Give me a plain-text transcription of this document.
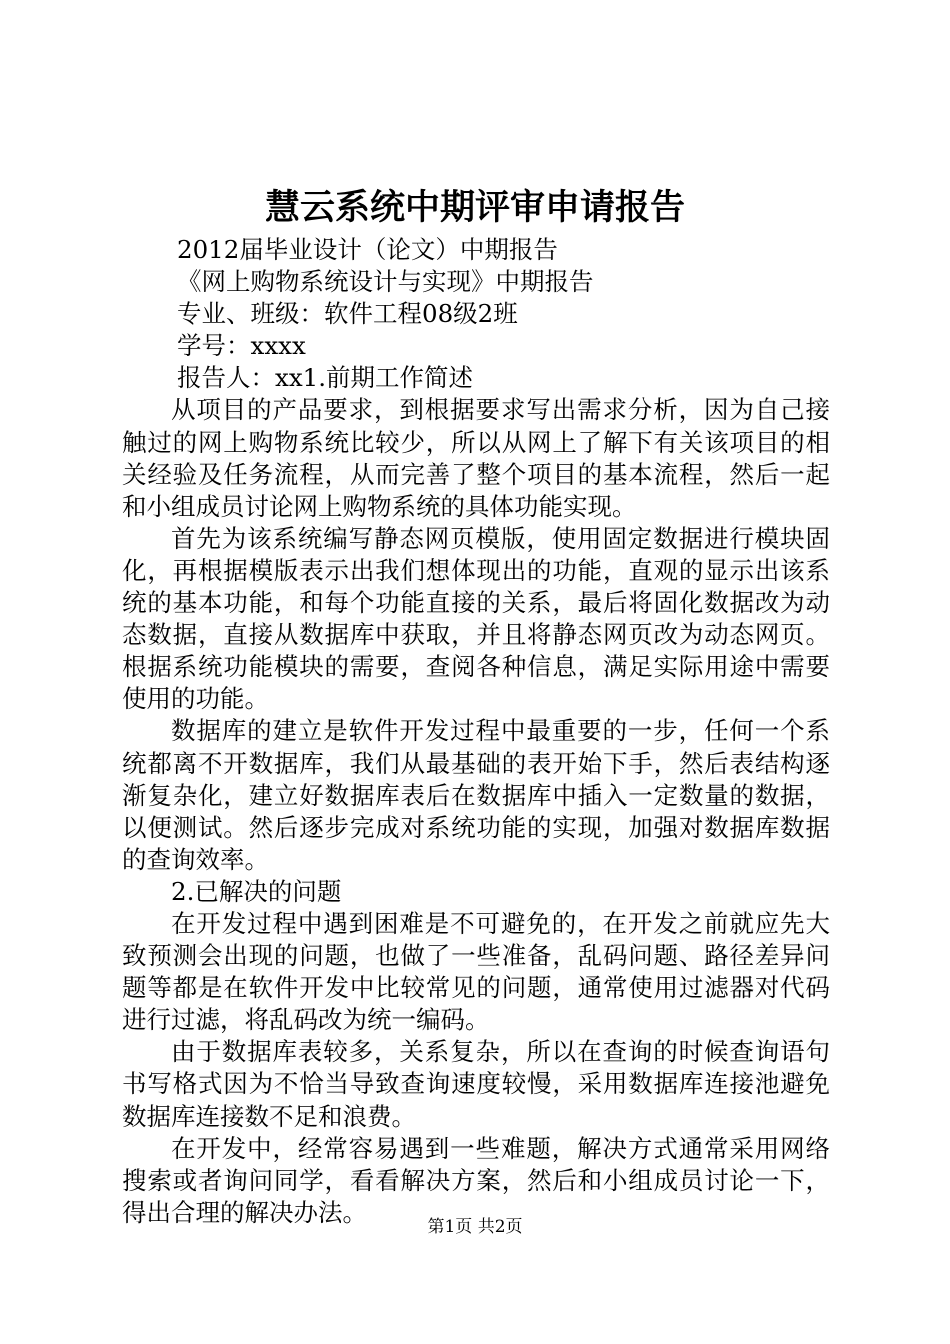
慧云系统中期评审申请报告

2012届毕业设计（论文）中期报告

《网上购物系统设计与实现》中期报告

专业、班级：软件工程08级2班

学号：xxxx

报告人：xx1.前期工作简述

从项目的产品要求，到根据要求写出需求分析，因为自己接触过的网上购物系统比较少，所以从网上了解下有关该项目的相关经验及任务流程，从而完善了整个项目的基本流程，然后一起和小组成员讨论网上购物系统的具体功能实现。

首先为该系统编写静态网页模版，使用固定数据进行模块固化，再根据模版表示出我们想体现出的功能，直观的显示出该系统的基本功能，和每个功能直接的关系，最后将固化数据改为动态数据，直接从数据库中获取，并且将静态网页改为动态网页。根据系统功能模块的需要，查阅各种信息，满足实际用途中需要使用的功能。

数据库的建立是软件开发过程中最重要的一步，任何一个系统都离不开数据库，我们从最基础的表开始下手，然后表结构逐渐复杂化，建立好数据库表后在数据库中插入一定数量的数据，以便测试。然后逐步完成对系统功能的实现，加强对数据库数据的查询效率。

2.已解决的问题

在开发过程中遇到困难是不可避免的，在开发之前就应先大致预测会出现的问题，也做了一些准备，乱码问题、路径差异问题等都是在软件开发中比较常见的问题，通常使用过滤器对代码进行过滤，将乱码改为统一编码。

由于数据库表较多，关系复杂，所以在查询的时候查询语句书写格式因为不恰当导致查询速度较慢，采用数据库连接池避免数据库连接数不足和浪费。

在开发中，经常容易遇到一些难题，解决方式通常采用网络搜索或者询问同学，看看解决方案，然后和小组成员讨论一下，得出合理的解决办法。

第1页 共2页
